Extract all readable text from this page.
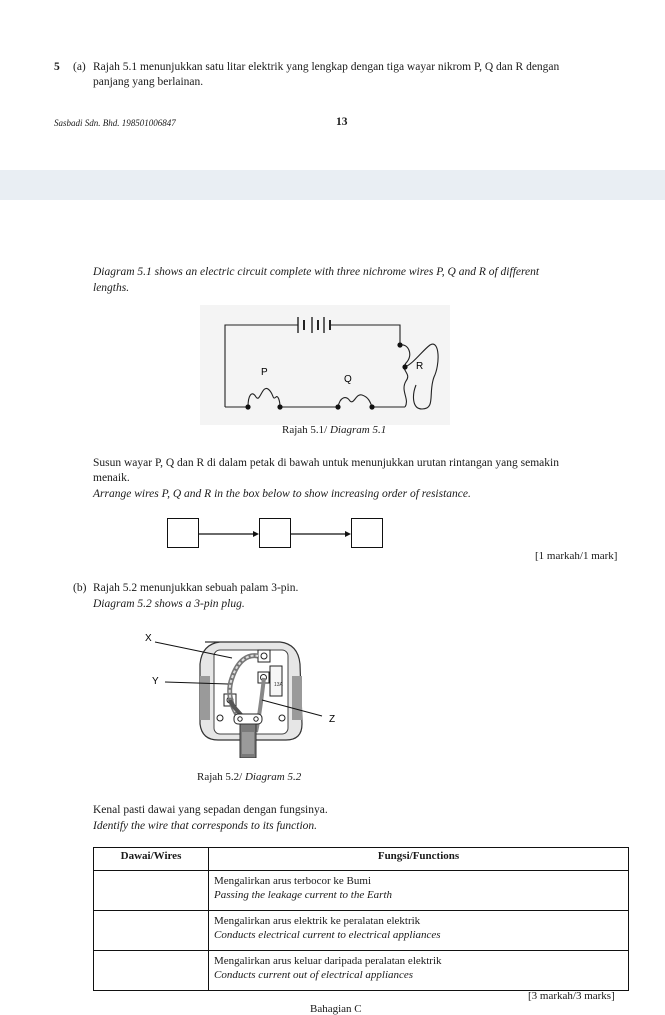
5 (a) Rajah 5.1 menunjukkan satu litar elektrik yang lengkap dengan tiga wayar nikrom P, Q dan R dengan
panjang yang berlainan.
Sasbadi Sdn. Bhd. 198501006847	13
Diagram 5.1 shows an electric circuit complete with three nichrome wires P, Q and R of different
lengths.
P
Q
R
Rajah 5.1/ Diagram 5.1
Susun wayar P, Q dan R di dalam petak di bawah untuk menunjukkan urutan rintangan yang semakin
menaik.
Arrange wires P, Q and R in the box below to show increasing order of resistance.
[1 markah/1 mark]
(b) Rajah 5.2 menunjukkan sebuah palam 3-pin.
Diagram 5.2 shows a 3-pin plug.
13A
X
Y
Z
Rajah 5.2/ Diagram 5.2
Kenal pasti dawai yang sepadan dengan fungsinya.
Identify the wire that corresponds to its function.
Dawai/Wires	Fungsi/Functions

	Mengalirkan arus terbocor ke Bumi
Passing the leakage current to the Earth

	Mengalirkan arus elektrik ke peralatan elektrik
Conducts electrical current to electrical appliances

	Mengalirkan arus keluar daripada peralatan elektrik
Conducts current out of electrical appliances
[3 markah/3 marks]
Bahagian C
